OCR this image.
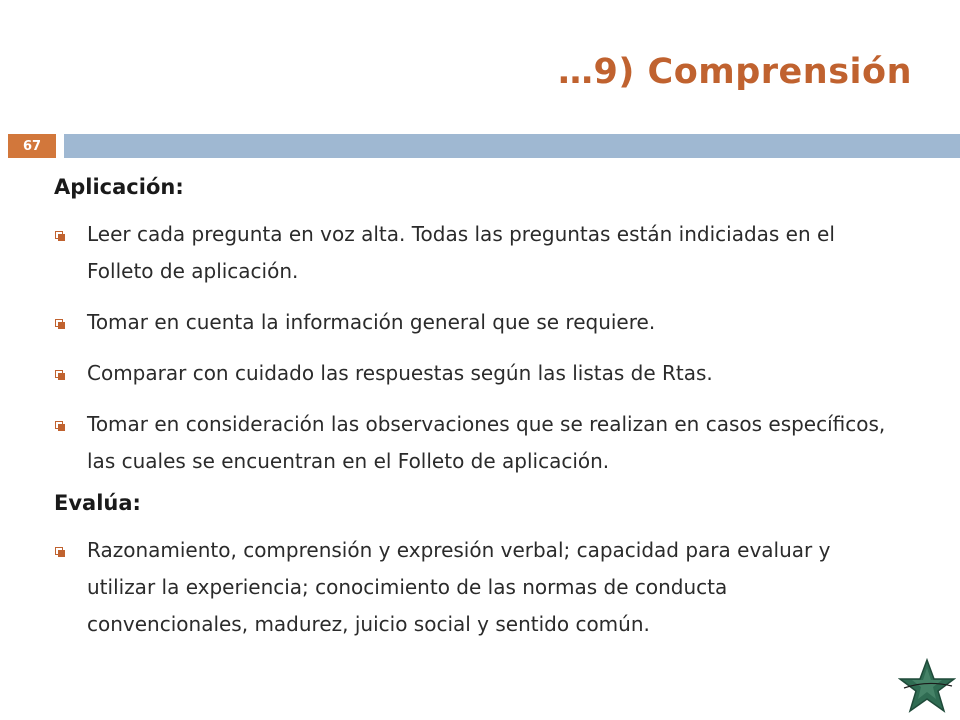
…9) Comprensión
67
Aplicación:
Leer cada pregunta en voz alta. Todas las preguntas están indiciadas en el Folleto de aplicación.
Tomar en cuenta la información general que se requiere.
Comparar con cuidado las respuestas según las listas de Rtas.
Tomar en consideración las observaciones que se realizan en casos específicos, las cuales se encuentran en el Folleto de aplicación.
Evalúa:
Razonamiento, comprensión y expresión verbal; capacidad para evaluar y utilizar la experiencia; conocimiento de las normas de conducta convencionales, madurez, juicio social y sentido común.
